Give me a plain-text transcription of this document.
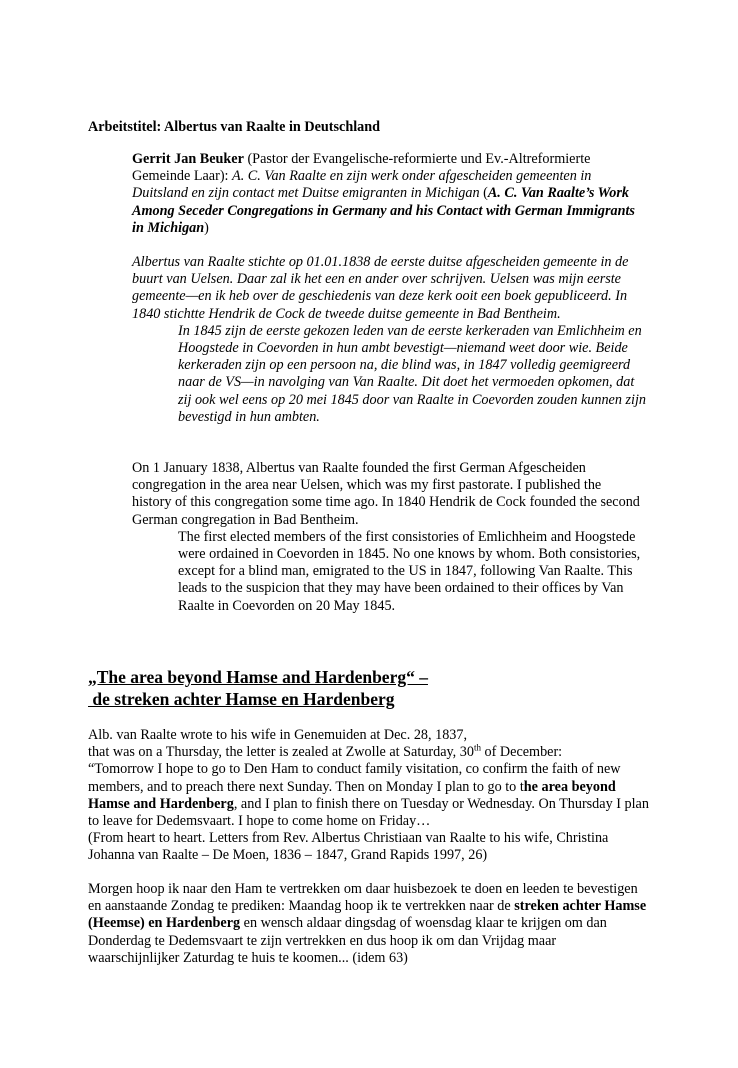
Arbeitstitel: Albertus van Raalte in Deutschland

Gerrit Jan Beuker (Pastor der Evangelische-reformierte und Ev.-Altreformierte Gemeinde Laar): A. C. Van Raalte en zijn werk onder afgescheiden gemeenten in Duitsland en zijn contact met Duitse emigranten in Michigan (A. C. Van Raalte’s Work Among Seceder Congregations in Germany and his Contact with German Immigrants in Michigan)

Albertus van Raalte stichte op 01.01.1838 de eerste duitse afgescheiden gemeente in de buurt van Uelsen. Daar zal ik het een en ander over schrijven. Uelsen was mijn eerste gemeente—en ik heb over de geschiedenis van deze kerk ooit een boek gepubliceerd. In 1840 stichtte Hendrik de Cock de tweede duitse gemeente in Bad Bentheim.
In 1845 zijn de eerste gekozen leden van de eerste kerkeraden van Emlichheim en Hoogstede in Coevorden in hun ambt bevestigt—niemand weet door wie. Beide kerkeraden zijn op een persoon na, die blind was, in 1847 volledig geemigreerd naar de VS—in navolging van Van Raalte. Dit doet het vermoeden opkomen, dat zij ook wel eens op 20 mei 1845 door van Raalte in Coevorden zouden kunnen zijn bevestigd in hun ambten.
On 1 January 1838, Albertus van Raalte founded the first German Afgescheiden congregation in the area near Uelsen, which was my first pastorate. I published the history of this congregation some time ago. In 1840 Hendrik de Cock founded the second German congregation in Bad Bentheim.
The first elected members of the first consistories of Emlichheim and Hoogstede were ordained in Coevorden in 1845. No one knows by whom. Both consistories, except for a blind man, emigrated to the US in 1847, following Van Raalte. This leads to the suspicion that they may have been ordained to their offices by Van Raalte in Coevorden on 20 May 1845.

„The area beyond Hamse and Hardenberg“ –

de streken achter Hamse en Hardenberg

Alb. van Raalte wrote to his wife in Genemuiden at Dec. 28, 1837,
that was on a Thursday, the letter is zealed at Zwolle at Saturday, 30th of December:
“Tomorrow I hope to go to Den Ham to conduct family visitation, co confirm the faith of new members, and to preach there next Sunday. Then on Monday I plan to go to the area beyond Hamse and Hardenberg, and I plan to finish there on Tuesday or Wednesday. On Thursday I plan to leave for Dedemsvaart. I hope to come home on Friday…
(From heart to heart. Letters from Rev. Albertus Christiaan van Raalte to his wife, Christina Johanna van Raalte – De Moen, 1836 – 1847, Grand Rapids 1997, 26)

Morgen hoop ik naar den Ham te vertrekken om daar huisbezoek te doen en leeden te bevestigen en aanstaande Zondag te prediken: Maandag hoop ik te vertrekken naar de streken achter Hamse (Heemse) en Hardenberg en wensch aldaar dingsdag of woensdag klaar te krijgen om dan Donderdag te Dedemsvaart te zijn vertrekken en dus hoop ik om dan Vrijdag maar waarschijnlijker Zaturdag te huis te koomen... (idem 63)
